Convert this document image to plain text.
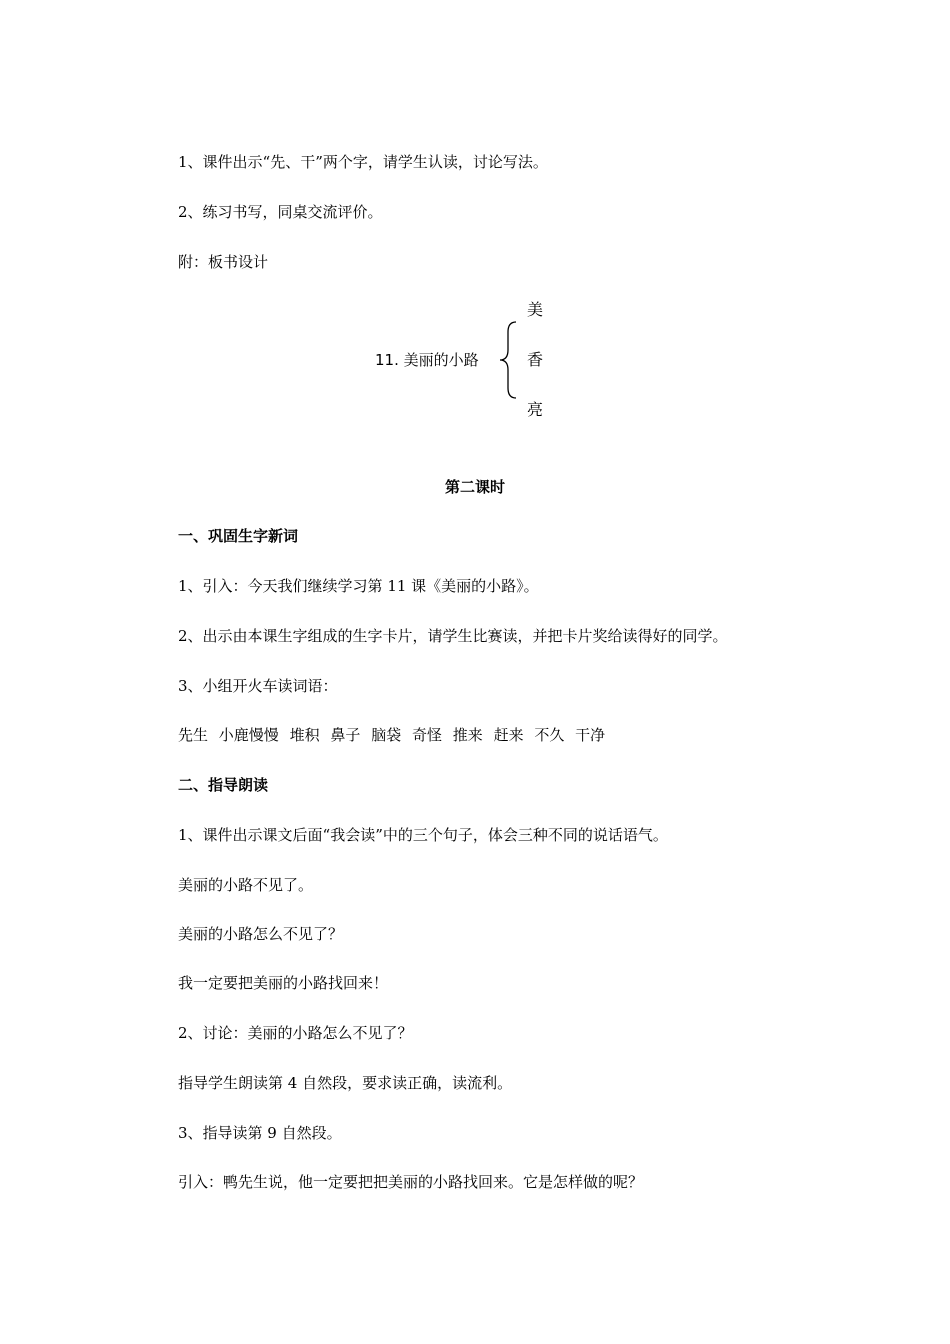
1、课件出示“先、干”两个字，请学生认读，讨论写法。
2、练习书写，同桌交流评价。
附：板书设计
11. 美丽的小路
美
香
亮
第二课时
一、巩固生字新词
1、引入：今天我们继续学习第 11 课《美丽的小路》。
2、出示由本课生字组成的生字卡片，请学生比赛读，并把卡片奖给读得好的同学。
3、小组开火车读词语：
先生 小鹿慢慢 堆积 鼻子 脑袋 奇怪 推来 赶来 不久 干净
二、指导朗读
1、课件出示课文后面“我会读”中的三个句子，体会三种不同的说话语气。
美丽的小路不见了。
美丽的小路怎么不见了？
我一定要把美丽的小路找回来！
2、讨论：美丽的小路怎么不见了？
指导学生朗读第 4 自然段，要求读正确，读流利。
3、指导读第 9 自然段。
引入：鸭先生说，他一定要把把美丽的小路找回来。它是怎样做的呢？
